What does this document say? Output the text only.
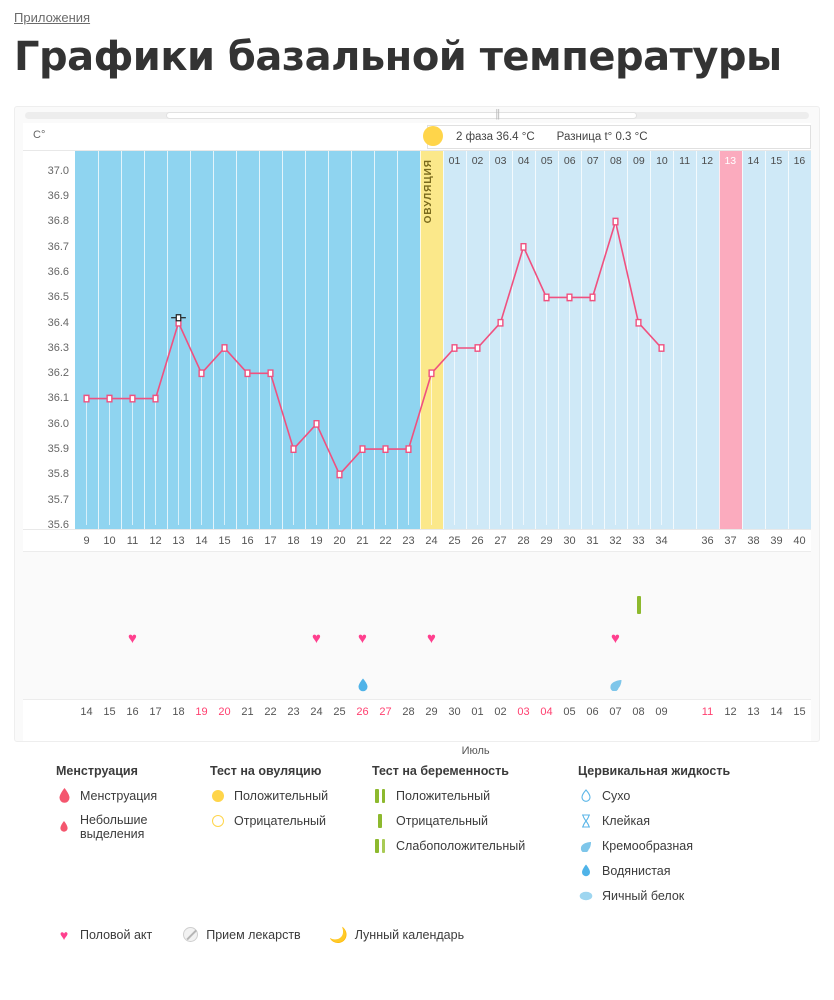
Приложения
Графики базальной температуры
||
C°	2 фаза 36.4 °C Разница t° 0.3 °C
37.0
36.9
36.8
36.7
36.6
36.5
36.4
36.3
36.2
36.1
36.0
35.9
35.8
35.7
35.6
ОВУЛЯЦИЯ	01	02	03	04	05	06	07	08	09	10	11	12	13	14	15	16
9	10	11	12 13 14 15 16 17 18 19 20 21 22 23 24 25 26 27 28 29 30 31 32 33 34 35 36 37 38 39 40
♥	♥ ♥	♥	♥
14 15 16 17 18 19 20 21 22 23 24 25 26 27 28 29 30 01 02 03 04 05 06 07 08 09 10	11	12 13 14 15
Июль
Менструация
Менструация
Небольшие выделения
Тест на овуляцию
Положительный
Отрицательный
Тест на беременность
Положительный
Отрицательный
Слабоположительный
Цервикальная жидкость
Сухо
Клейкая
Кремообразная
Водянистая
Яичный белок
♥ Половой акт	Прием лекарств 🌙 Лунный календарь
